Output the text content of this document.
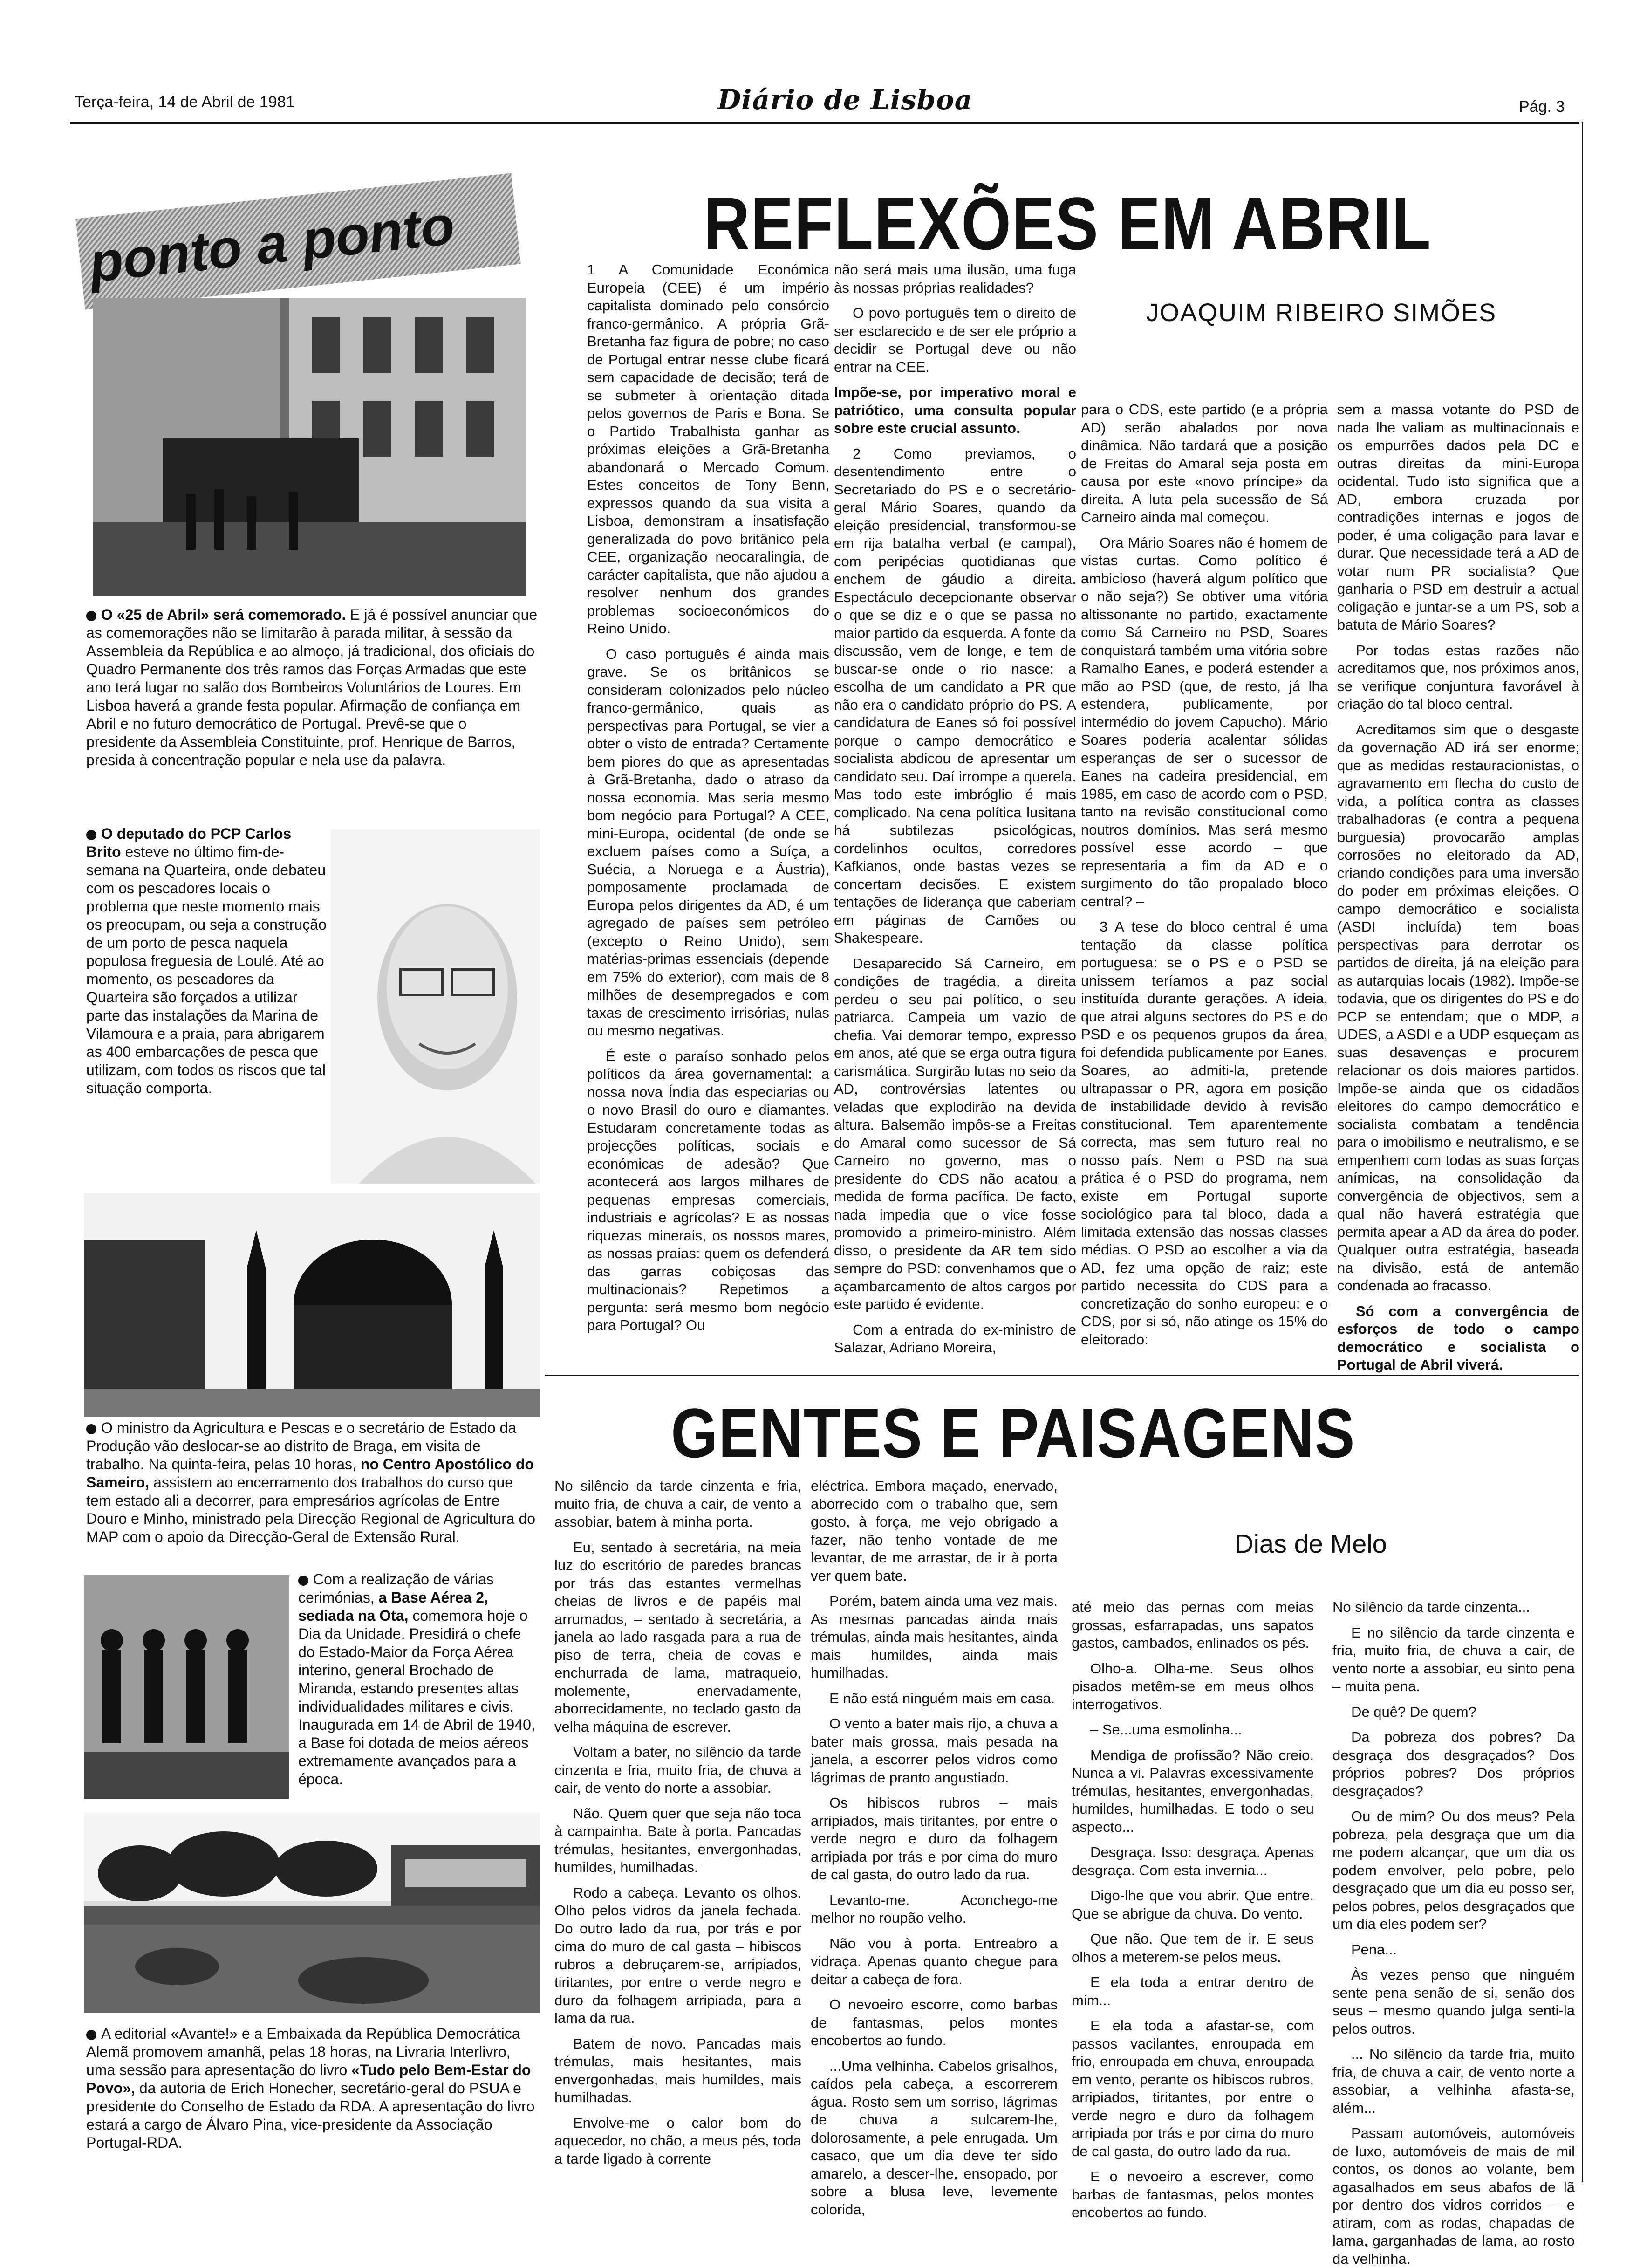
Terça-feira, 14 de Abril de 1981	Diário de Lisboa	Pág. 3
ponto a ponto

O «25 de Abril» será comemorado. E já é possível anunciar que as comemorações não se limitarão à parada militar, à sessão da Assembleia da República e ao almoço, já tradicional, dos oficiais do Quadro Permanente dos três ramos das Forças Armadas que este ano terá lugar no salão dos Bombeiros Voluntários de Loures. Em Lisboa haverá a grande festa popular. Afirmação de confiança em Abril e no futuro democrático de Portugal. Prevê-se que o presidente da Assembleia Constituinte, prof. Henrique de Barros, presida à concentração popular e nela use da palavra.

O deputado do PCP Carlos Brito esteve no último fim-de-semana na Quarteira, onde debateu com os pescadores locais o problema que neste momento mais os preocupam, ou seja a construção de um porto de pesca naquela populosa freguesia de Loulé. Até ao momento, os pescadores da Quarteira são forçados a utilizar parte das instalações da Marina de Vilamoura e a praia, para abrigarem as 400 embarcações de pesca que utilizam, com todos os riscos que tal situação comporta.

O ministro da Agricultura e Pescas e o secretário de Estado da Produção vão deslocar-se ao distrito de Braga, em visita de trabalho. Na quinta-feira, pelas 10 horas, no Centro Apostólico do Sameiro, assistem ao encerramento dos trabalhos do curso que tem estado ali a decorrer, para empresários agrícolas de Entre Douro e Minho, ministrado pela Direcção Regional de Agricultura do MAP com o apoio da Direcção-Geral de Extensão Rural.

Com a realização de várias cerimónias, a Base Aérea 2, sediada na Ota, comemora hoje o Dia da Unidade. Presidirá o chefe do Estado-Maior da Força Aérea interino, general Brochado de Miranda, estando presentes altas individualidades militares e civis. Inaugurada em 14 de Abril de 1940, a Base foi dotada de meios aéreos extremamente avançados para a época.

A editorial «Avante!» e a Embaixada da República Democrática Alemã promovem amanhã, pelas 18 horas, na Livraria Interlivro, uma sessão para apresentação do livro «Tudo pelo Bem-Estar do Povo», da autoria de Erich Honecher, secretário-geral do PSUA e presidente do Conselho de Estado da RDA. A apresentação do livro estará a cargo de Álvaro Pina, vice-presidente da Associação Portugal-RDA.

REFLEXÕES EM ABRIL
JOAQUIM RIBEIRO SIMÕES

1 A Comunidade Económica Europeia (CEE) é um império capitalista dominado pelo consórcio franco-germânico. A própria Grã-Bretanha faz figura de pobre; no caso de Portugal entrar nesse clube ficará sem capacidade de decisão; terá de se submeter à orientação ditada pelos governos de Paris e Bona. Se o Partido Trabalhista ganhar as próximas eleições a Grã-Bretanha abandonará o Mercado Comum. Estes conceitos de Tony Benn, expressos quando da sua visita a Lisboa, demonstram a insatisfação generalizada do povo britânico pela CEE, organização neocaralingia, de carácter capitalista, que não ajudou a resolver nenhum dos grandes problemas socioeconómicos do Reino Unido.

O caso português é ainda mais grave. Se os britânicos se consideram colonizados pelo núcleo franco-germânico, quais as perspectivas para Portugal, se vier a obter o visto de entrada? Certamente bem piores do que as apresentadas à Grã-Bretanha, dado o atraso da nossa economia. Mas seria mesmo bom negócio para Portugal? A CEE, mini-Europa, ocidental (de onde se excluem países como a Suíça, a Suécia, a Noruega e a Áustria), pomposamente proclamada de Europa pelos dirigentes da AD, é um agregado de países sem petróleo (excepto o Reino Unido), sem matérias-primas essenciais (depende em 75% do exterior), com mais de 8 milhões de desempregados e com taxas de crescimento irrisórias, nulas ou mesmo negativas.

É este o paraíso sonhado pelos políticos da área governamental: a nossa nova Índia das especiarias ou o novo Brasil do ouro e diamantes. Estudaram concretamente todas as projecções políticas, sociais e económicas de adesão? Que acontecerá aos largos milhares de pequenas empresas comerciais, industriais e agrícolas? E as nossas riquezas minerais, os nossos mares, as nossas praias: quem os defenderá das garras cobiçosas das multinacionais? Repetimos a pergunta: será mesmo bom negócio para Portugal? Ou

não será mais uma ilusão, uma fuga às nossas próprias realidades?

O povo português tem o direito de ser esclarecido e de ser ele próprio a decidir se Portugal deve ou não entrar na CEE.

Impõe-se, por imperativo moral e patriótico, uma consulta popular sobre este crucial assunto.

2 Como previamos, o desentendimento entre o Secretariado do PS e o secretário-geral Mário Soares, quando da eleição presidencial, transformou-se em rija batalha verbal (e campal), com peripécias quotidianas que enchem de gáudio a direita. Espectáculo decepcionante observar o que se diz e o que se passa no maior partido da esquerda. A fonte da discussão, vem de longe, e tem de buscar-se onde o rio nasce: a escolha de um candidato a PR que não era o candidato próprio do PS. A candidatura de Eanes só foi possível porque o campo democrático e socialista abdicou de apresentar um candidato seu. Daí irrompe a querela. Mas todo este imbróglio é mais complicado. Na cena política lusitana há subtilezas psicológicas, cordelinhos ocultos, corredores Kafkianos, onde bastas vezes se concertam decisões. E existem tentações de liderança que caberiam em páginas de Camões ou Shakespeare.

Desaparecido Sá Carneiro, em condições de tragédia, a direita perdeu o seu pai político, o seu patriarca. Campeia um vazio de chefia. Vai demorar tempo, expresso em anos, até que se erga outra figura carismática. Surgirão lutas no seio da AD, controvérsias latentes ou veladas que explodirão na devida altura. Balsemão impôs-se a Freitas do Amaral como sucessor de Sá Carneiro no governo, mas o presidente do CDS não acatou a medida de forma pacífica. De facto, nada impedia que o vice fosse promovido a primeiro-ministro. Além disso, o presidente da AR tem sido sempre do PSD: convenhamos que o açambarcamento de altos cargos por este partido é evidente.

Com a entrada do ex-ministro de Salazar, Adriano Moreira,

para o CDS, este partido (e a própria AD) serão abalados por nova dinâmica. Não tardará que a posição de Freitas do Amaral seja posta em causa por este «novo príncipe» da direita. A luta pela sucessão de Sá Carneiro ainda mal começou.

Ora Mário Soares não é homem de vistas curtas. Como político é ambicioso (haverá algum político que o não seja?) Se obtiver uma vitória altissonante no partido, exactamente como Sá Carneiro no PSD, Soares conquistará também uma vitória sobre Ramalho Eanes, e poderá estender a mão ao PSD (que, de resto, já lha estendera, publicamente, por intermédio do jovem Capucho). Mário Soares poderia acalentar sólidas esperanças de ser o sucessor de Eanes na cadeira presidencial, em 1985, em caso de acordo com o PSD, tanto na revisão constitucional como noutros domínios. Mas será mesmo possível esse acordo – que representaria a fim da AD e o surgimento do tão propalado bloco central? –

3 A tese do bloco central é uma tentação da classe política portuguesa: se o PS e o PSD se unissem teríamos a paz social instituída durante gerações. A ideia, que atrai alguns sectores do PS e do PSD e os pequenos grupos da área, foi defendida publicamente por Eanes. Soares, ao admiti-la, pretende ultrapassar o PR, agora em posição de instabilidade devido à revisão constitucional. Tem aparentemente correcta, mas sem futuro real no nosso país. Nem o PSD na sua prática é o PSD do programa, nem existe em Portugal suporte sociológico para tal bloco, dada a limitada extensão das nossas classes médias. O PSD ao escolher a via da AD, fez uma opção de raiz; este partido necessita do CDS para a concretização do sonho europeu; e o CDS, por si só, não atinge os 15% do eleitorado:

sem a massa votante do PSD de nada lhe valiam as multinacionais e os empurrões dados pela DC e outras direitas da mini-Europa ocidental. Tudo isto significa que a AD, embora cruzada por contradições internas e jogos de poder, é uma coligação para lavar e durar. Que necessidade terá a AD de votar num PR socialista? Que ganharia o PSD em destruir a actual coligação e juntar-se a um PS, sob a batuta de Mário Soares?

Por todas estas razões não acreditamos que, nos próximos anos, se verifique conjuntura favorável à criação do tal bloco central.

Acreditamos sim que o desgaste da governação AD irá ser enorme; que as medidas restauracionistas, o agravamento em flecha do custo de vida, a política contra as classes trabalhadoras (e contra a pequena burguesia) provocarão amplas corrosões no eleitorado da AD, criando condições para uma inversão do poder em próximas eleições. O campo democrático e socialista (ASDI incluída) tem boas perspectivas para derrotar os partidos de direita, já na eleição para as autarquias locais (1982). Impõe-se todavia, que os dirigentes do PS e do PCP se entendam; que o MDP, a UDES, a ASDI e a UDP esqueçam as suas desavenças e procurem relacionar os dois maiores partidos. Impõe-se ainda que os cidadãos eleitores do campo democrático e socialista combatam a tendência para o imobilismo e neutralismo, e se empenhem com todas as suas forças anímicas, na consolidação da convergência de objectivos, sem a qual não haverá estratégia que permita apear a AD da área do poder. Qualquer outra estratégia, baseada na divisão, está de antemão condenada ao fracasso.

Só com a convergência de esforços de todo o campo democrático e socialista o Portugal de Abril viverá.

GENTES E PAISAGENS
Dias de Melo

No silêncio da tarde cinzenta e fria, muito fria, de chuva a cair, de vento a assobiar, batem à minha porta.

Eu, sentado à secretária, na meia luz do escritório de paredes brancas por trás das estantes vermelhas cheias de livros e de papéis mal arrumados, – sentado à secretária, a janela ao lado rasgada para a rua de piso de terra, cheia de covas e enchurrada de lama, matraqueio, molemente, enervadamente, aborrecidamente, no teclado gasto da velha máquina de escrever.

Voltam a bater, no silêncio da tarde cinzenta e fria, muito fria, de chuva a cair, de vento do norte a assobiar.

Não. Quem quer que seja não toca à campainha. Bate à porta. Pancadas trémulas, hesitantes, envergonhadas, humildes, humilhadas.

Rodo a cabeça. Levanto os olhos. Olho pelos vidros da janela fechada. Do outro lado da rua, por trás e por cima do muro de cal gasta – hibiscos rubros a debruçarem-se, arripiados, tiritantes, por entre o verde negro e duro da folhagem arripiada, para a lama da rua.

Batem de novo. Pancadas mais trémulas, mais hesitantes, mais envergonhadas, mais humildes, mais humilhadas.

Envolve-me o calor bom do aquecedor, no chão, a meus pés, toda a tarde ligado à corrente

eléctrica. Embora maçado, enervado, aborrecido com o trabalho que, sem gosto, à força, me vejo obrigado a fazer, não tenho vontade de me levantar, de me arrastar, de ir à porta ver quem bate.

Porém, batem ainda uma vez mais. As mesmas pancadas ainda mais trémulas, ainda mais hesitantes, ainda mais humildes, ainda mais humilhadas.

E não está ninguém mais em casa.

O vento a bater mais rijo, a chuva a bater mais grossa, mais pesada na janela, a escorrer pelos vidros como lágrimas de pranto angustiado.

Os hibiscos rubros – mais arripiados, mais tiritantes, por entre o verde negro e duro da folhagem arripiada por trás e por cima do muro de cal gasta, do outro lado da rua.

Levanto-me. Aconchego-me melhor no roupão velho.

Não vou à porta. Entreabro a vidraça. Apenas quanto chegue para deitar a cabeça de fora.

O nevoeiro escorre, como barbas de fantasmas, pelos montes encobertos ao fundo.

...Uma velhinha. Cabelos grisalhos, caídos pela cabeça, a escorrerem água. Rosto sem um sorriso, lágrimas de chuva a sulcarem-lhe, dolorosamente, a pele enrugada. Um casaco, que um dia deve ter sido amarelo, a descer-lhe, ensopado, por sobre a blusa leve, levemente colorida,

até meio das pernas com meias grossas, esfarrapadas, uns sapatos gastos, cambados, enlinados os pés.

Olho-a. Olha-me. Seus olhos pisados metêm-se em meus olhos interrogativos.

– Se...uma esmolinha...

Mendiga de profissão? Não creio. Nunca a vi. Palavras excessivamente trémulas, hesitantes, envergonhadas, humildes, humilhadas. E todo o seu aspecto...

Desgraça. Isso: desgraça. Apenas desgraça. Com esta invernia...

Digo-lhe que vou abrir. Que entre. Que se abrigue da chuva. Do vento.

Que não. Que tem de ir. E seus olhos a meterem-se pelos meus.

E ela toda a entrar dentro de mim...

E ela toda a afastar-se, com passos vacilantes, enroupada em frio, enroupada em chuva, enroupada em vento, perante os hibiscos rubros, arripiados, tiritantes, por entre o verde negro e duro da folhagem arripiada por trás e por cima do muro de cal gasta, do outro lado da rua.

E o nevoeiro a escrever, como barbas de fantasmas, pelos montes encobertos ao fundo.

No silêncio da tarde cinzenta...

E no silêncio da tarde cinzenta e fria, muito fria, de chuva a cair, de vento norte a assobiar, eu sinto pena – muita pena.

De quê? De quem?

Da pobreza dos pobres? Da desgraça dos desgraçados? Dos próprios pobres? Dos próprios desgraçados?

Ou de mim? Ou dos meus? Pela pobreza, pela desgraça que um dia me podem alcançar, que um dia os podem envolver, pelo pobre, pelo desgraçado que um dia eu posso ser, pelos pobres, pelos desgraçados que um dia eles podem ser?

Pena...

Às vezes penso que ninguém sente pena senão de si, senão dos seus – mesmo quando julga senti-la pelos outros.

... No silêncio da tarde fria, muito fria, de chuva a cair, de vento norte a assobiar, a velhinha afasta-se, além...

Passam automóveis, automóveis de luxo, automóveis de mais de mil contos, os donos ao volante, bem agasalhados em seus abafos de lã por dentro dos vidros corridos – e atiram, com as rodas, chapadas de lama, garganhadas de lama, ao rosto da velhinha.
